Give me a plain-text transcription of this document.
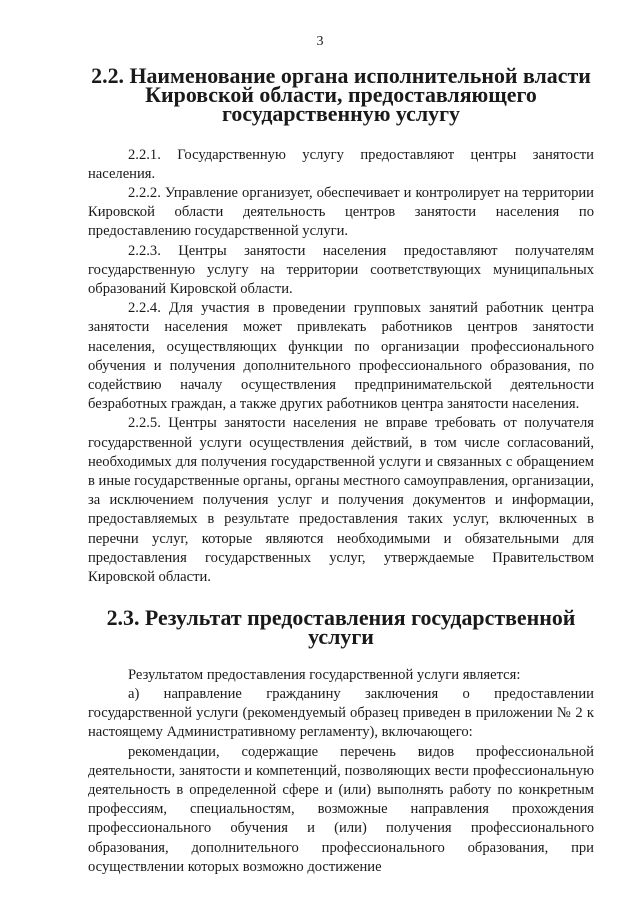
3
2.2. Наименование органа исполнительной власти
Кировской области, предоставляющего государственную услугу

2.2.1. Государственную услугу предоставляют центры занятости населения.

2.2.2. Управление организует, обеспечивает и контролирует на территории Кировской области деятельность центров занятости населения по предоставлению государственной услуги.

2.2.3. Центры занятости населения предоставляют получателям государственную услугу на территории соответствующих муниципальных образований Кировской области.

2.2.4. Для участия в проведении групповых занятий работник центра занятости населения может привлекать работников центров занятости населения, осуществляющих функции по организации профессионального обучения и получения дополнительного профессионального образования, по содействию началу осуществления предпринимательской деятельности безработных граждан, а также других работников центра занятости населения.

2.2.5. Центры занятости населения не вправе требовать от получателя государственной услуги осуществления действий, в том числе согласований, необходимых для получения государственной услуги и связанных с обращением в иные государственные органы, органы местного самоуправления, организации, за исключением получения услуг и получения документов и информации, предоставляемых в результате предоставления таких услуг, включенных в перечни услуг, которые являются необходимыми и обязательными для предоставления государственных услуг, утверждаемые Правительством Кировской области.

2.3. Результат предоставления государственной услуги

Результатом предоставления государственной услуги является:

а) направление гражданину заключения о предоставлении государственной услуги (рекомендуемый образец приведен в приложении № 2 к настоящему Административному регламенту), включающего:

рекомендации, содержащие перечень видов профессиональной деятельности, занятости и компетенций, позволяющих вести профессиональную деятельность в определенной сфере и (или) выполнять работу по конкретным профессиям, специальностям, возможные направления прохождения профессионального обучения и (или) получения профессионального образования, дополнительного профессионального образования, при осуществлении которых возможно достижение
